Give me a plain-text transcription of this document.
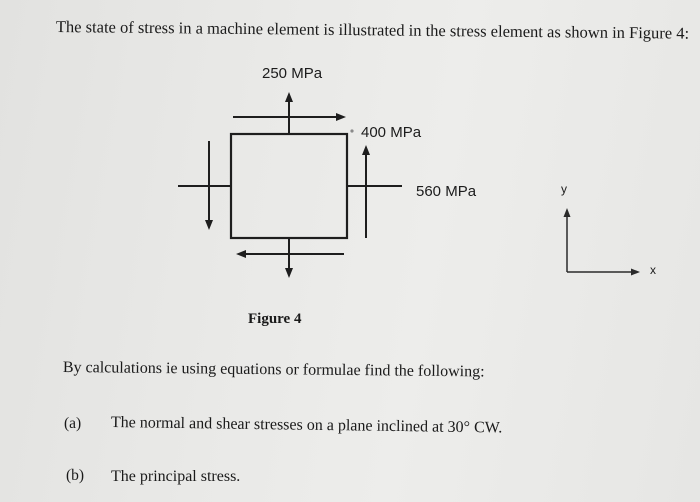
The state of stress in a machine element is illustrated in the stress element as shown in Figure 4:
250 MPa
400 MPa
560 MPa	y
x
Figure 4
By calculations ie using equations or formulae find the following:
(a) The normal and shear stresses on a plane inclined at 30° CW.
(b) The principal stress.
